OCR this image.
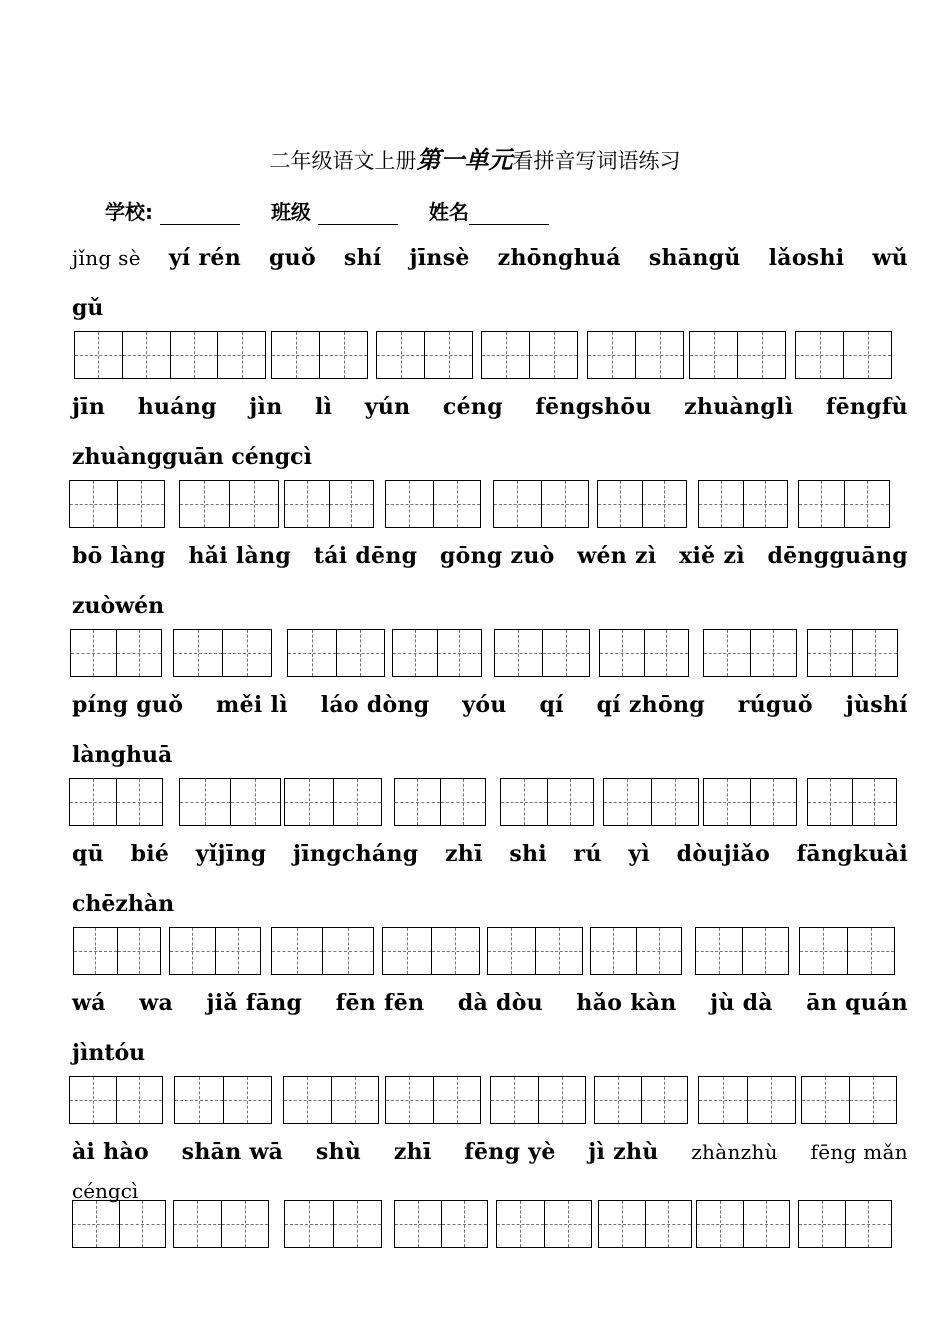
二年级语文上册第一单元看拼音写词语练习
学校:	班级	姓名
jǐng sè yí rén guǒ shí jīnsè zhōnghuá shāngǔ lǎoshi wǔ
gǔ
jīn huáng jìn lì yún céng fēngshōu zhuànglì fēngfù
zhuàngguān céngcì
bō làng hǎi làng tái dēng gōng zuò wén zì xiě zì dēngguāng
zuòwén
píng guǒ měi lì láo dòng yóu qí qí zhōng rúguǒ jùshí
lànghuā
qū bié yǐjīng jīngcháng zhī shi rú yì dòujiǎo fāngkuài
chēzhàn
wá wa jiǎ fāng fēn fēn dà dòu hǎo kàn jù dà ān quán
jìntóu
ài hào shān wā shù zhī fēng yè jì zhù zhànzhù fēng mǎn
céngcì
